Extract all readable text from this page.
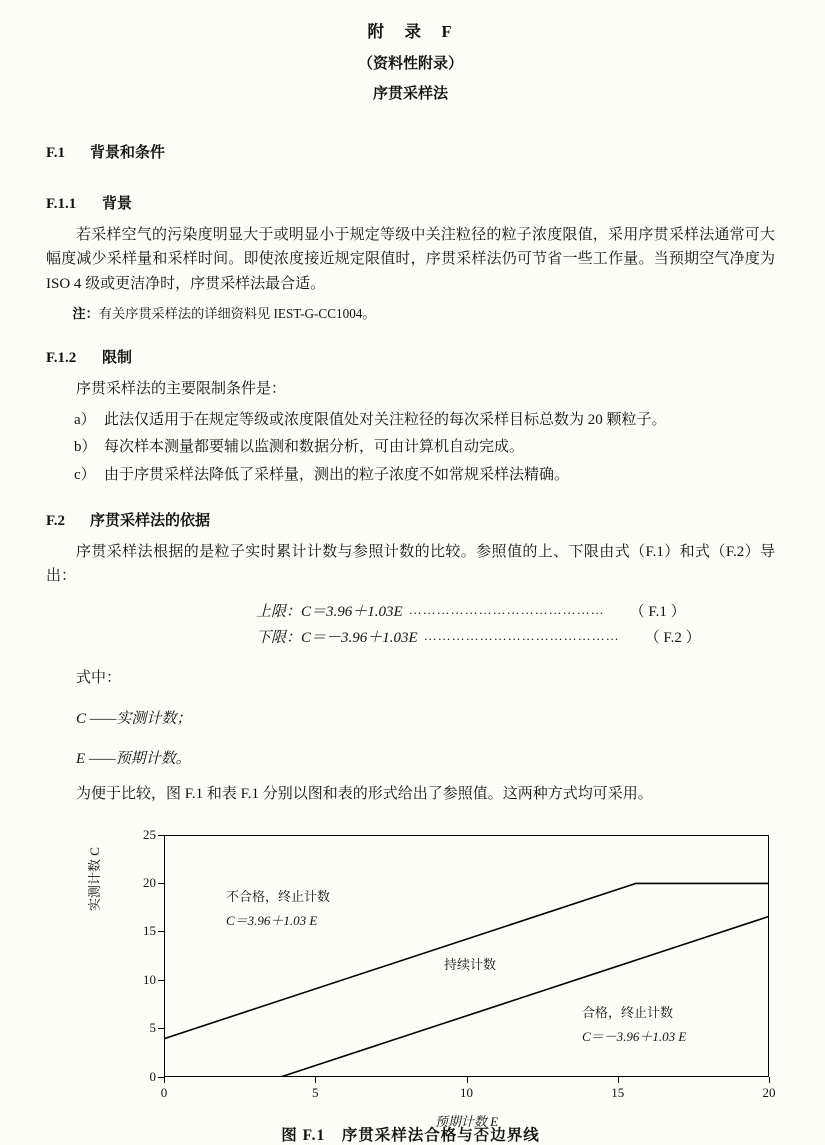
附　录　F
（资料性附录）
序贯采样法
F.1 背景和条件
F.1.1 背景

若采样空气的污染度明显大于或明显小于规定等级中关注粒径的粒子浓度限值，采用序贯采样法通常可大幅度减少采样量和采样时间。即使浓度接近规定限值时，序贯采样法仍可节省一些工作量。当预期空气净度为 ISO 4 级或更洁净时，序贯采样法最合适。

注：有关序贯采样法的详细资料见 IEST-G-CC1004。

F.1.2 限制

序贯采样法的主要限制条件是：

a） 此法仅适用于在规定等级或浓度限值处对关注粒径的每次采样目标总数为 20 颗粒子。
b） 每次样本测量都要辅以监测和数据分析，可由计算机自动完成。
c） 由于序贯采样法降低了采样量，测出的粒子浓度不如常规采样法精确。
F.2 序贯采样法的依据

序贯采样法根据的是粒子实时累计计数与参照计数的比较。参照值的上、下限由式（F.1）和式（F.2）导出：

上限：C＝3.96＋1.03E ……………………………………	（ F.1 ）
下限：C＝－3.96＋1.03E ……………………………………	（ F.2 ）
式中：
C ——实测计数；
E ——预期计数。

为便于比较，图 F.1 和表 F.1 分别以图和表的形式给出了参照值。这两种方式均可采用。

实测计数 C
0
5
10
15
20
25
0	5	10	15	20
不合格，终止计数
C＝3.96＋1.03 E
持续计数
合格，终止计数
C＝－3.96＋1.03 E
预期计数 E
图 F.1　序贯采样法合格与否边界线
